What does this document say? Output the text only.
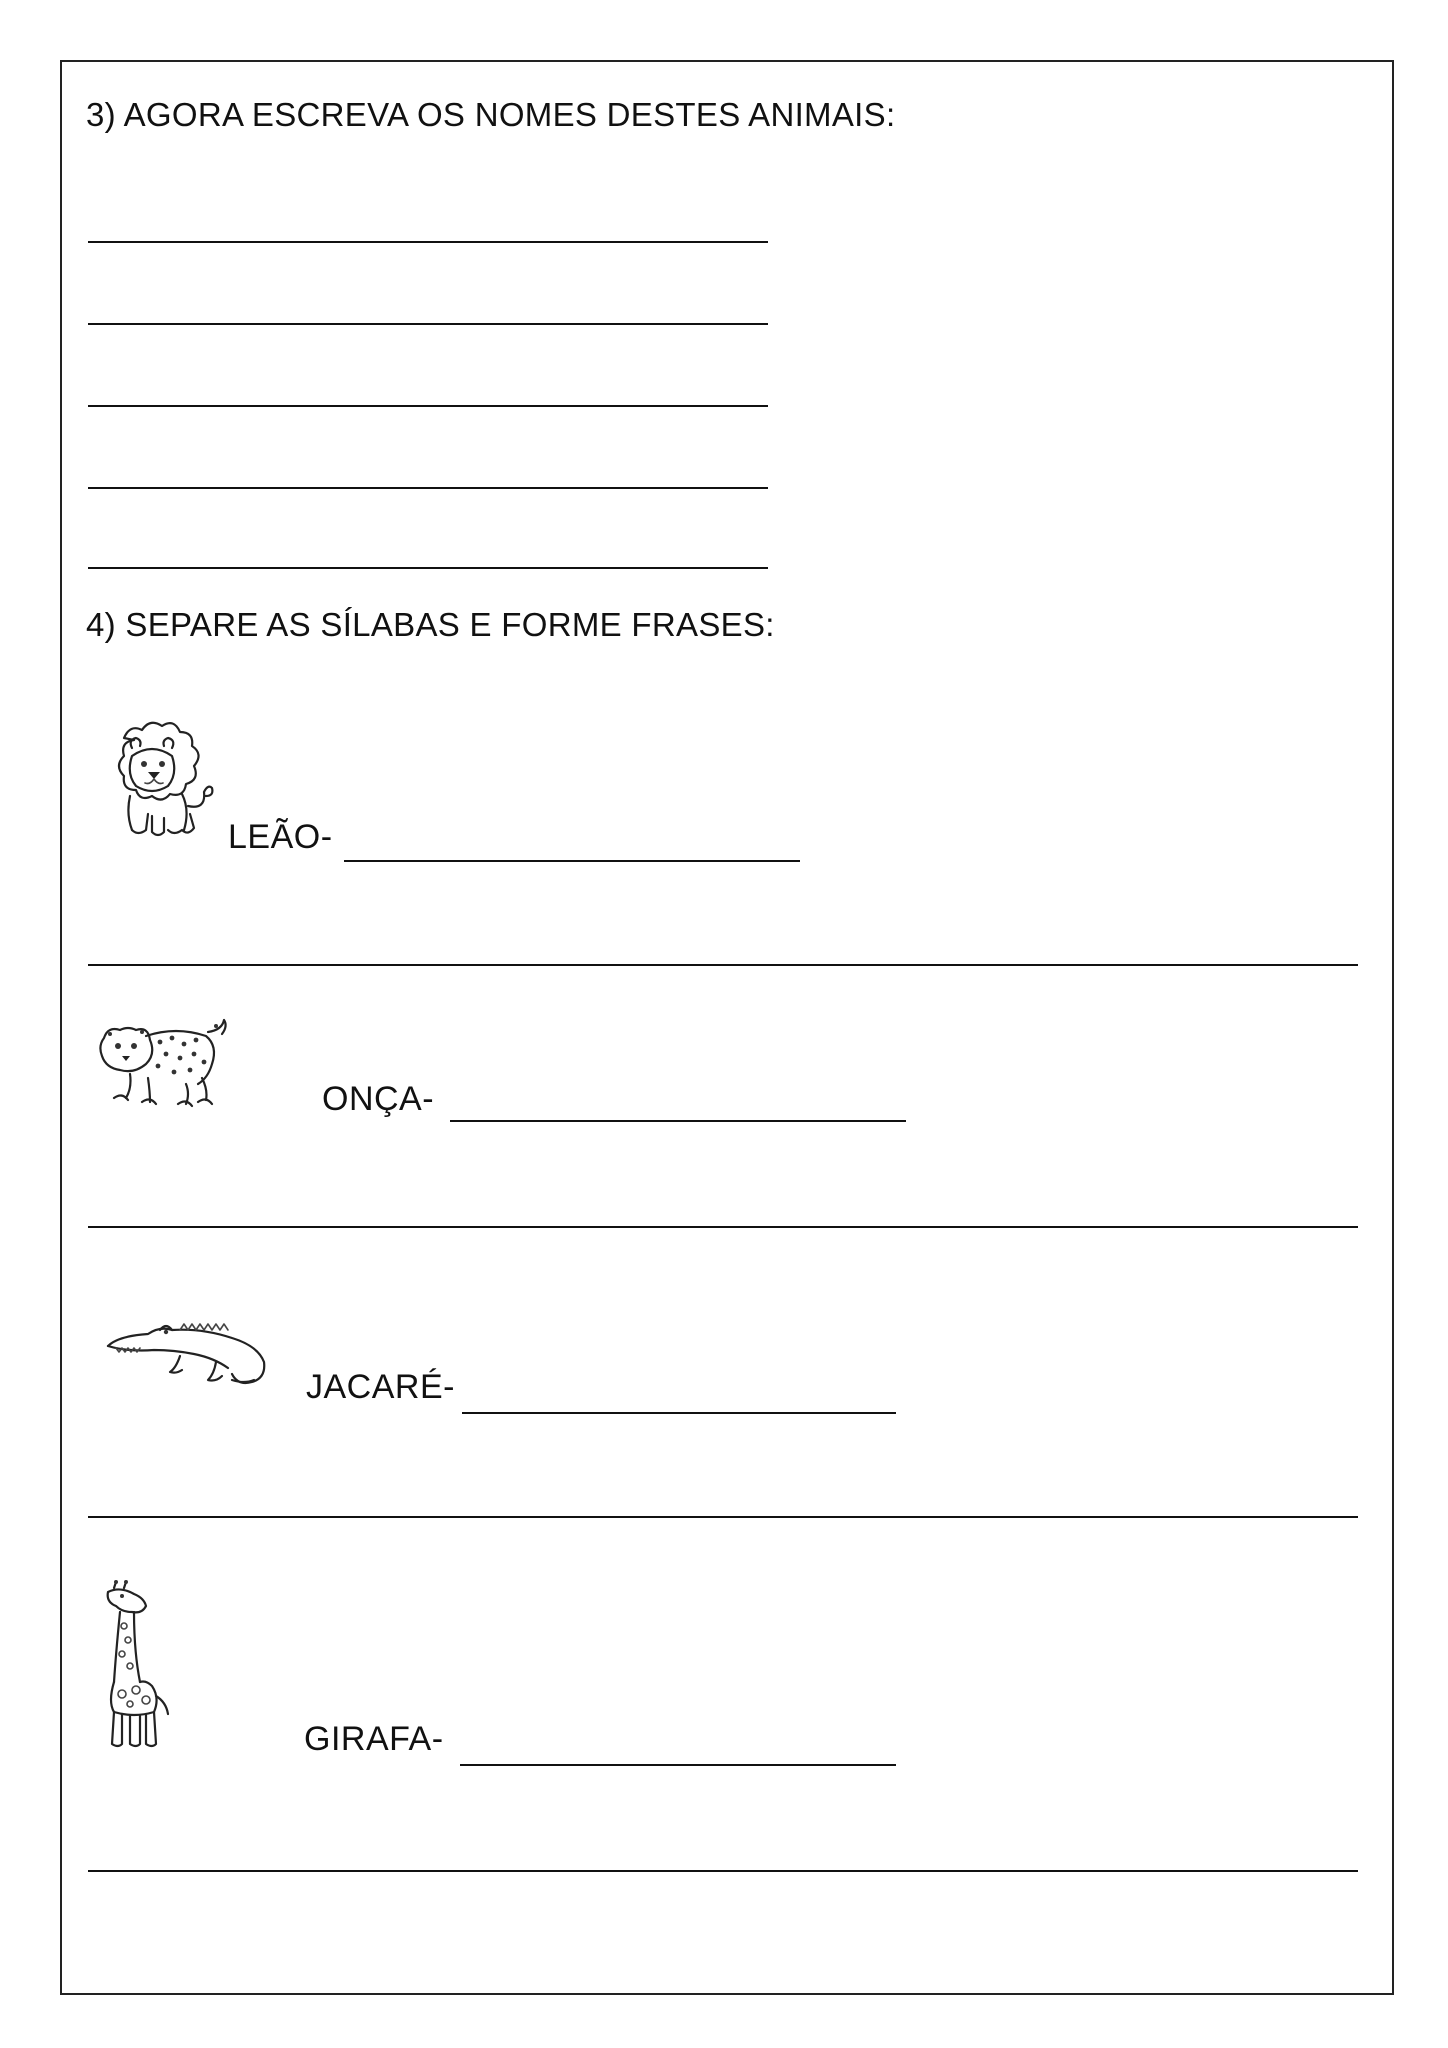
3) AGORA ESCREVA OS NOMES DESTES ANIMAIS:
4) SEPARE AS SÍLABAS E FORME FRASES:
LEÃO-
ONÇA-
JACARÉ-
GIRAFA-
